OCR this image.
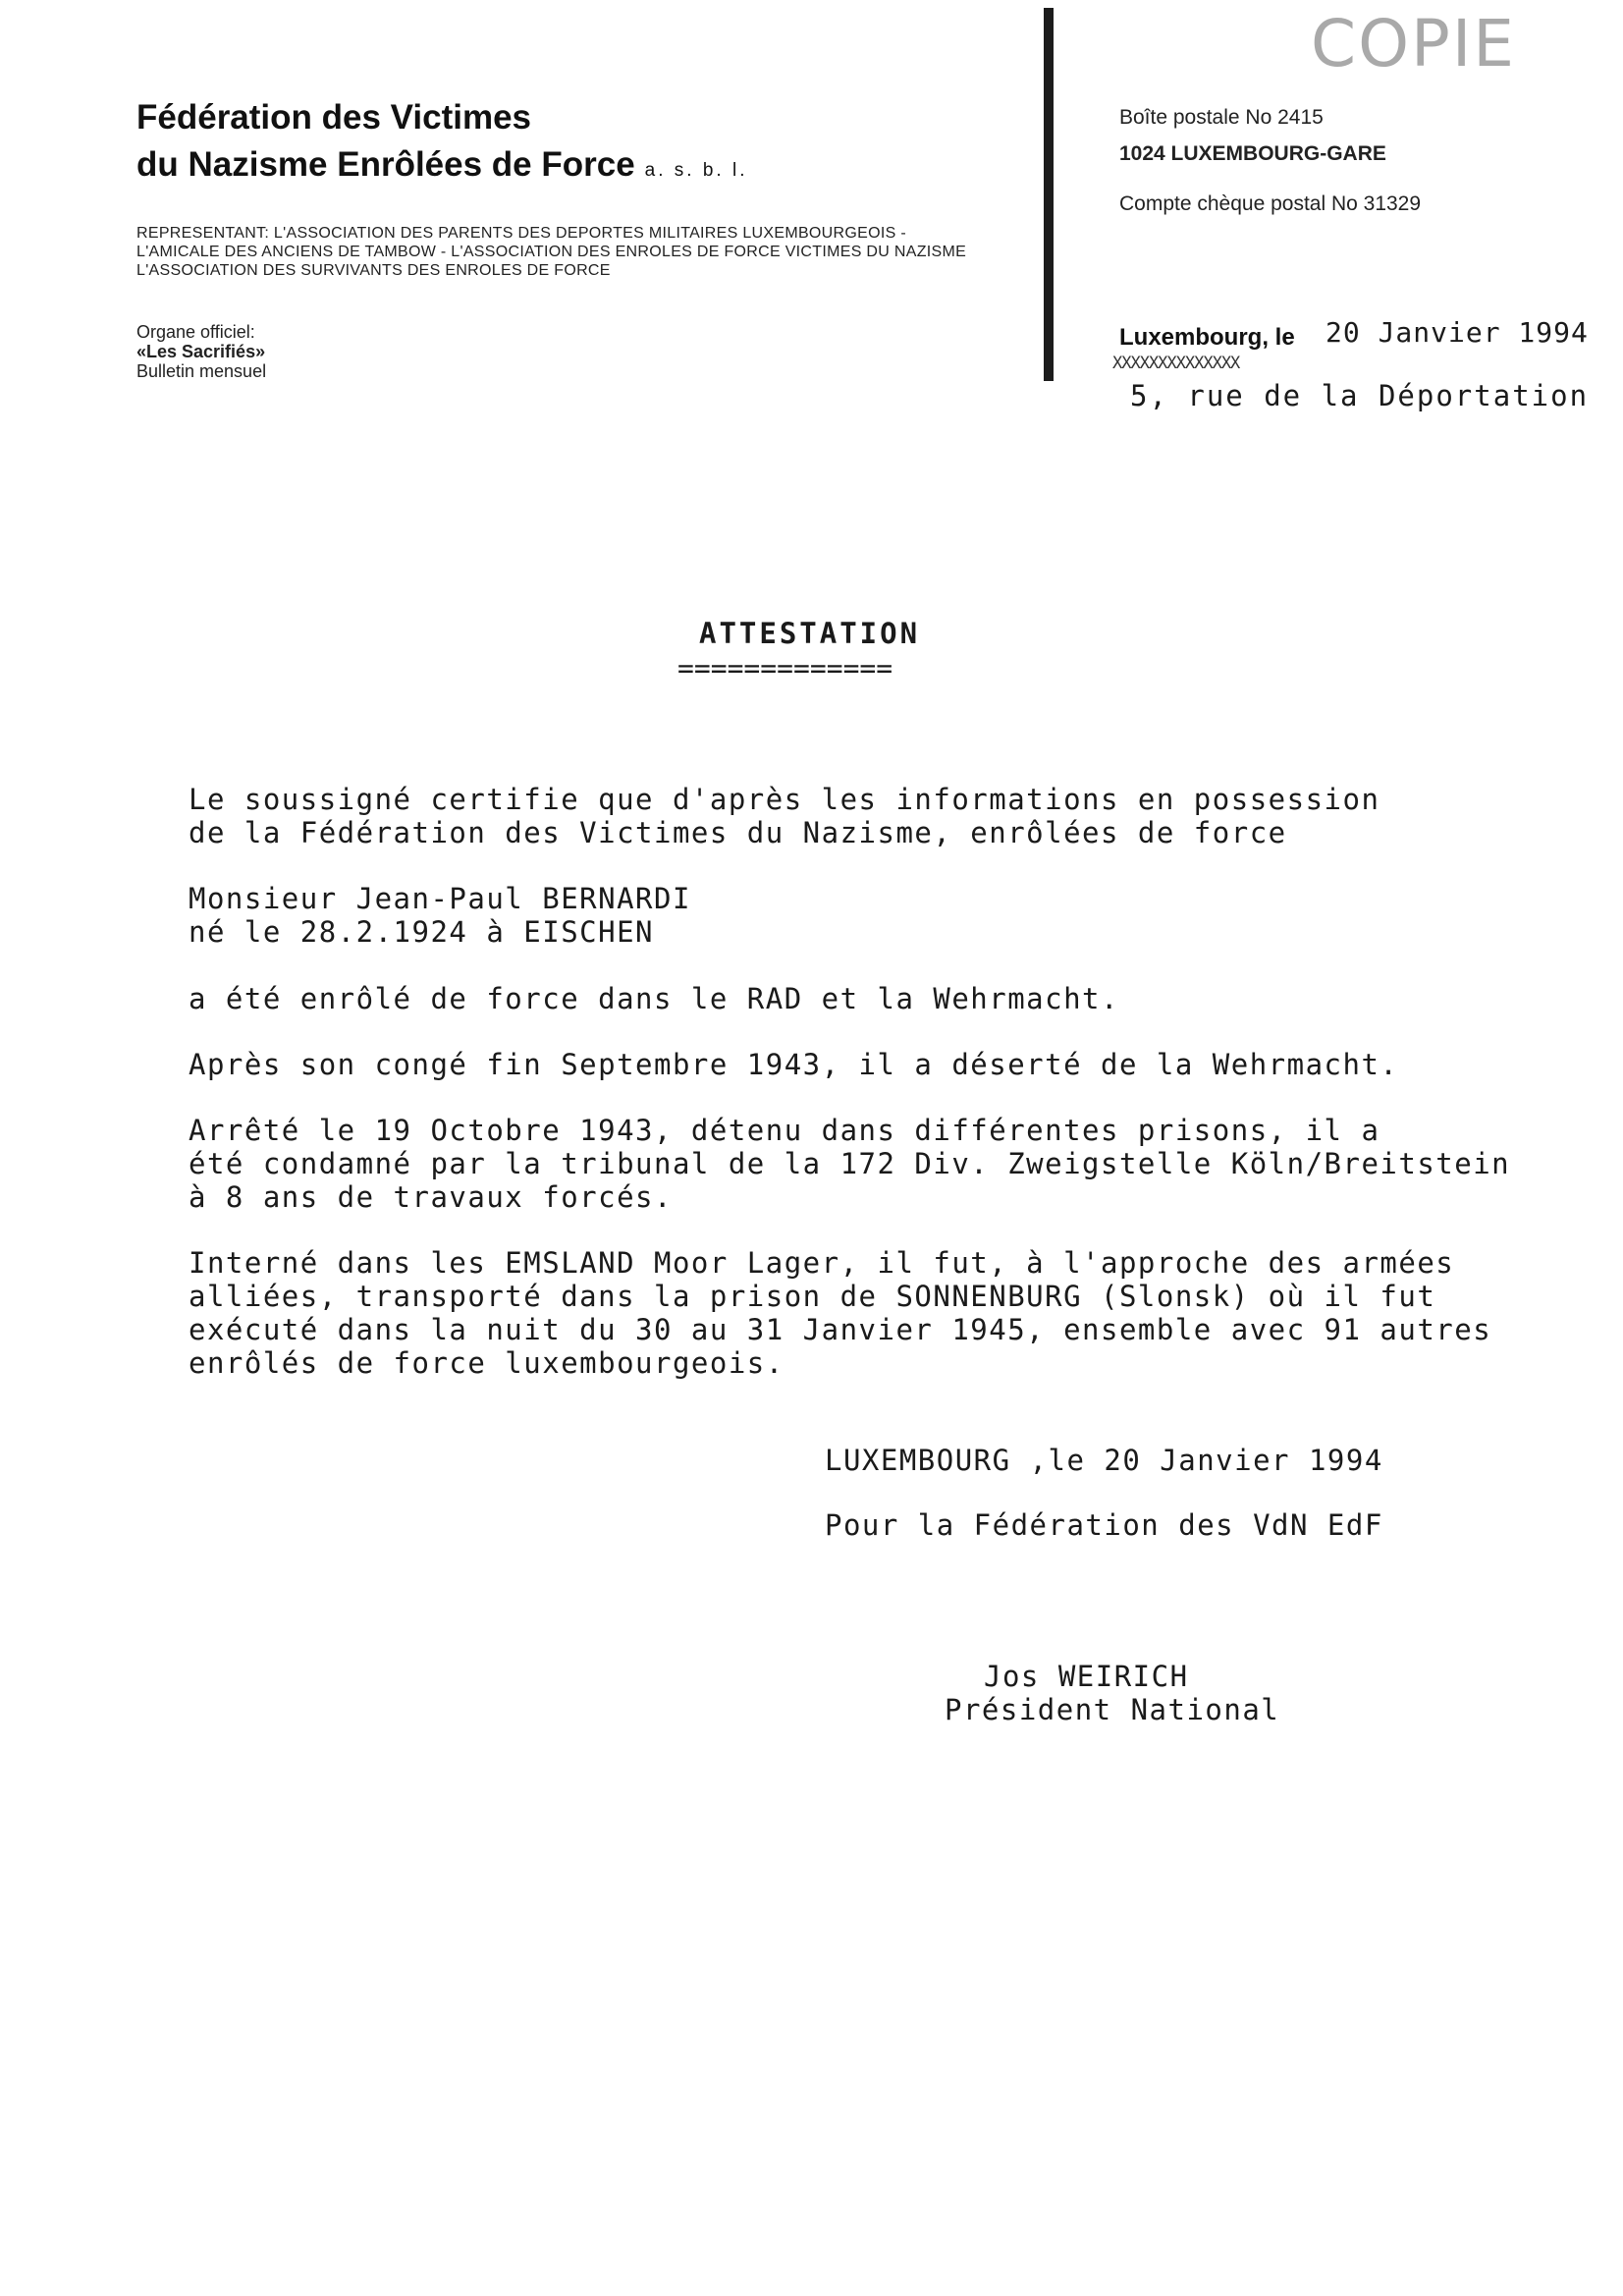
Fédération des Victimes
du Nazisme Enrôlées de Force a. s. b. l.
REPRESENTANT: L'ASSOCIATION DES PARENTS DES DEPORTES MILITAIRES LUXEMBOURGEOIS -
L'AMICALE DES ANCIENS DE TAMBOW - L'ASSOCIATION DES ENROLES DE FORCE VICTIMES DU NAZISME
L'ASSOCIATION DES SURVIVANTS DES ENROLES DE FORCE
Organe officiel:
«Les Sacrifiés»
Bulletin mensuel
COPIE
Boîte postale No 2415
1024 LUXEMBOURG-GARE
Compte chèque postal No 31329
Luxembourg, le 20 Janvier 1994
XXXXXXXXXXXXXX
5, rue de la Déportation
ATTESTATION
=============
Le soussigné certifie que d'après les informations en possession
de la Fédération des Victimes du Nazisme, enrôlées de force
Monsieur Jean-Paul BERNARDI
né le 28.2.1924 à EISCHEN
a été enrôlé de force dans le RAD et la Wehrmacht.
Après son congé fin Septembre 1943, il a déserté de la Wehrmacht.
Arrêté le 19 Octobre 1943, détenu dans différentes prisons, il a
été condamné par la tribunal de la 172 Div. Zweigstelle Köln/Breitstein
à 8 ans de travaux forcés.
Interné dans les EMSLAND Moor Lager, il fut, à l'approche des armées
alliées, transporté dans la prison de SONNENBURG (Slonsk) où il fut
exécuté dans la nuit du 30 au 31 Janvier 1945, ensemble avec 91 autres
enrôlés de force luxembourgeois.
LUXEMBOURG ,le 20 Janvier 1994
Pour la Fédération des VdN EdF
Jos WEIRICH
Président National
